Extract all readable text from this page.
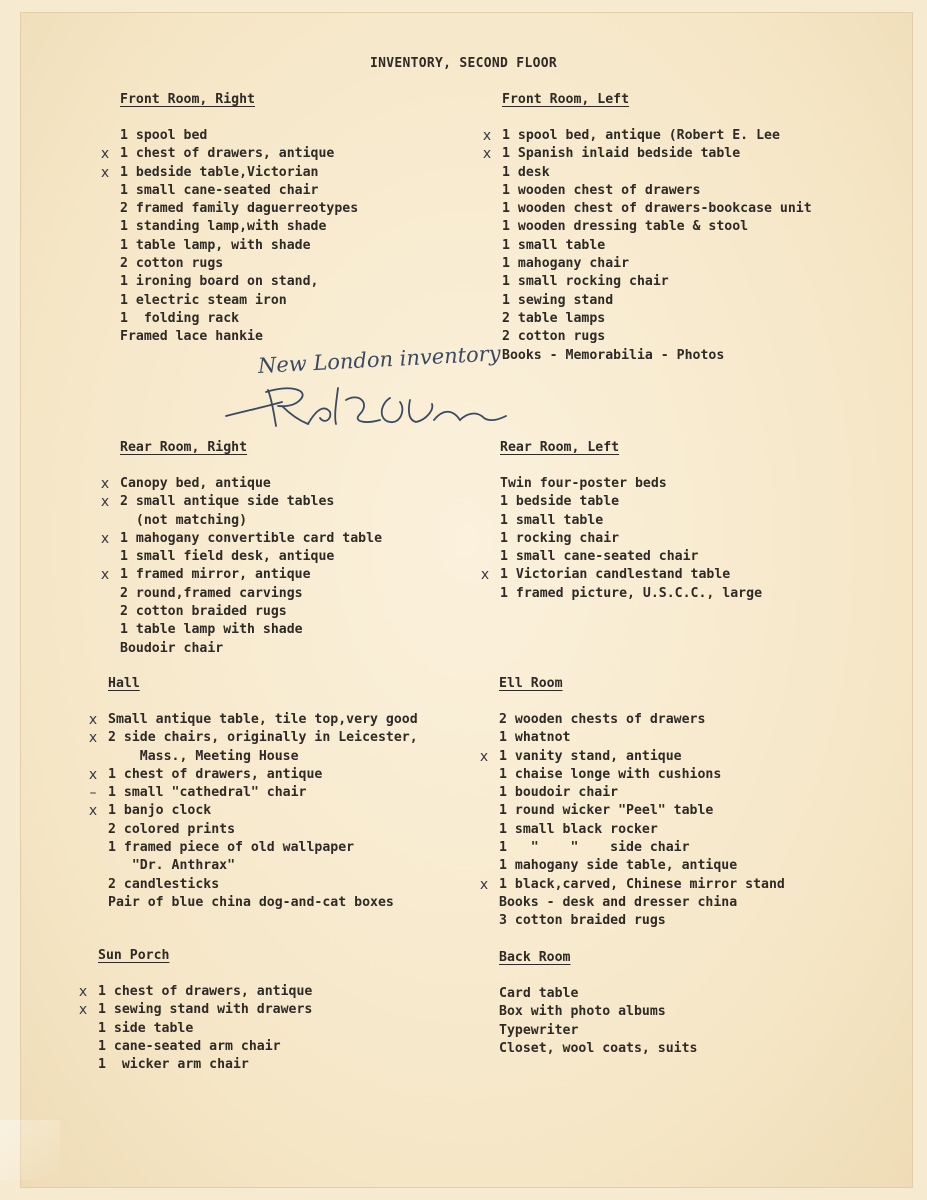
INVENTORY, SECOND FLOOR
Front Room, Right
1 spool bed
x 1 chest of drawers, antique
x 1 bedside table,Victorian
1 small cane-seated chair
2 framed family daguerreotypes
1 standing lamp,with shade
1 table lamp, with shade
2 cotton rugs
1 ironing board on stand,
1 electric steam iron
1  folding rack
Framed lace hankie
Front Room, Left
x 1 spool bed, antique (Robert E. Lee
x 1 Spanish inlaid bedside table
1 desk
1 wooden chest of drawers
1 wooden chest of drawers-bookcase unit
1 wooden dressing table & stool
1 small table
1 mahogany chair
1 small rocking chair
1 sewing stand
2 table lamps
2 cotton rugs
Books - Memorabilia - Photos
Rear Room, Right
x Canopy bed, antique
x 2 small antique side tables
(not matching)
x 1 mahogany convertible card table
1 small field desk, antique
x 1 framed mirror, antique
2 round,framed carvings
2 cotton braided rugs
1 table lamp with shade
Boudoir chair
Rear Room, Left
Twin four-poster beds
1 bedside table
1 small table
1 rocking chair
1 small cane-seated chair
x 1 Victorian candlestand table
1 framed picture, U.S.C.C., large
Hall
x Small antique table, tile top,very good
x 2 side chairs, originally in Leicester,
Mass., Meeting House
x 1 chest of drawers, antique
– 1 small "cathedral" chair
x 1 banjo clock
2 colored prints
1 framed piece of old wallpaper
"Dr. Anthrax"
2 candlesticks
Pair of blue china dog-and-cat boxes
Ell Room
2 wooden chests of drawers
1 whatnot
x 1 vanity stand, antique
1 chaise longe with cushions
1 boudoir chair
1 round wicker "Peel" table
1 small black rocker
1   "    "    side chair
1 mahogany side table, antique
x 1 black,carved, Chinese mirror stand
Books - desk and dresser china
3 cotton braided rugs
Sun Porch
x 1 chest of drawers, antique
x 1 sewing stand with drawers
1 side table
1 cane-seated arm chair
1  wicker arm chair
Back Room
Card table
Box with photo albums
Typewriter
Closet, wool coats, suits
New London inventory
